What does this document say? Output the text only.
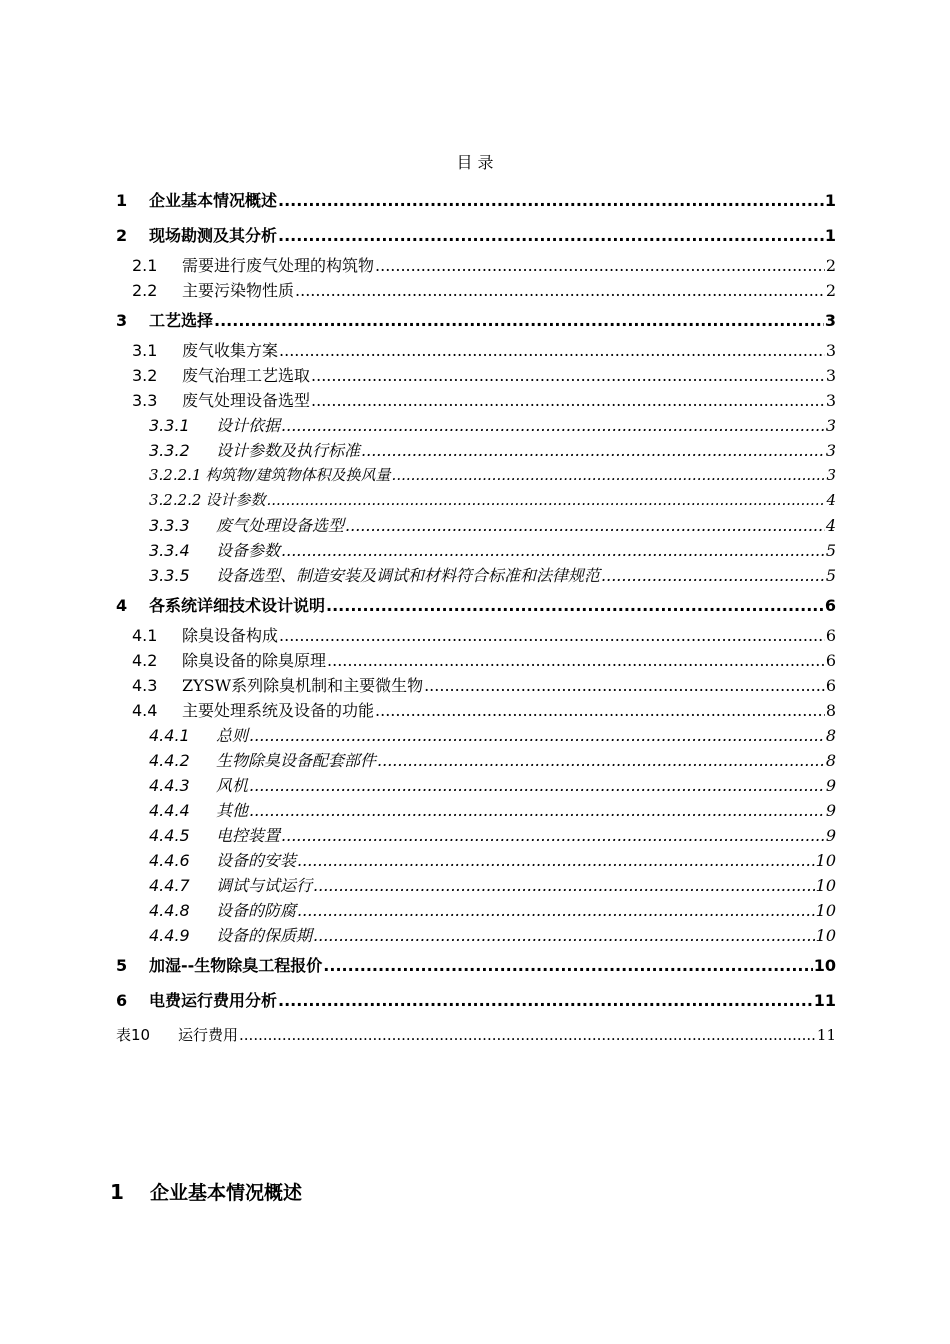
目 录
1	企业基本情况概述 .....	1
2	现场勘测及其分析 .....	1
2.1	需要进行废气处理的构筑物 .....	2
2.2	主要污染物性质 .....	2
3	工艺选择 .....	3
3.1	废气收集方案 .....	3
3.2	废气治理工艺选取 .....	3
3.3	废气处理设备选型 .....	3
3.3.1	设计依据 .....	3
3.3.2	设计参数及执行标准 .....	3
3.2.2.1 构筑物/建筑物体积及换风量 .....	3
3.2.2.2 设计参数 .....	4
3.3.3	废气处理设备选型 .....	4
3.3.4	设备参数 .....	5
3.3.5	设备选型、制造安装及调试和材料符合标准和法律规范 .....	5
4	各系统详细技术设计说明 .....	6
4.1	除臭设备构成 .....	6
4.2	除臭设备的除臭原理 .....	6
4.3	ZYSW系列除臭机制和主要微生物 .....	6
4.4	主要处理系统及设备的功能 .....	8
4.4.1	总则 .....	8
4.4.2	生物除臭设备配套部件 .....	8
4.4.3	风机 .....	9
4.4.4	其他 .....	9
4.4.5	电控装置 .....	9
4.4.6	设备的安装 .....	10
4.4.7	调试与试运行 .....	10
4.4.8	设备的防腐 .....	10
4.4.9	设备的保质期 .....	10
5	加湿--生物除臭工程报价 .....	10
6	电费运行费用分析 .....	11
表10	运行费用 .....	11
1	企业基本情况概述
